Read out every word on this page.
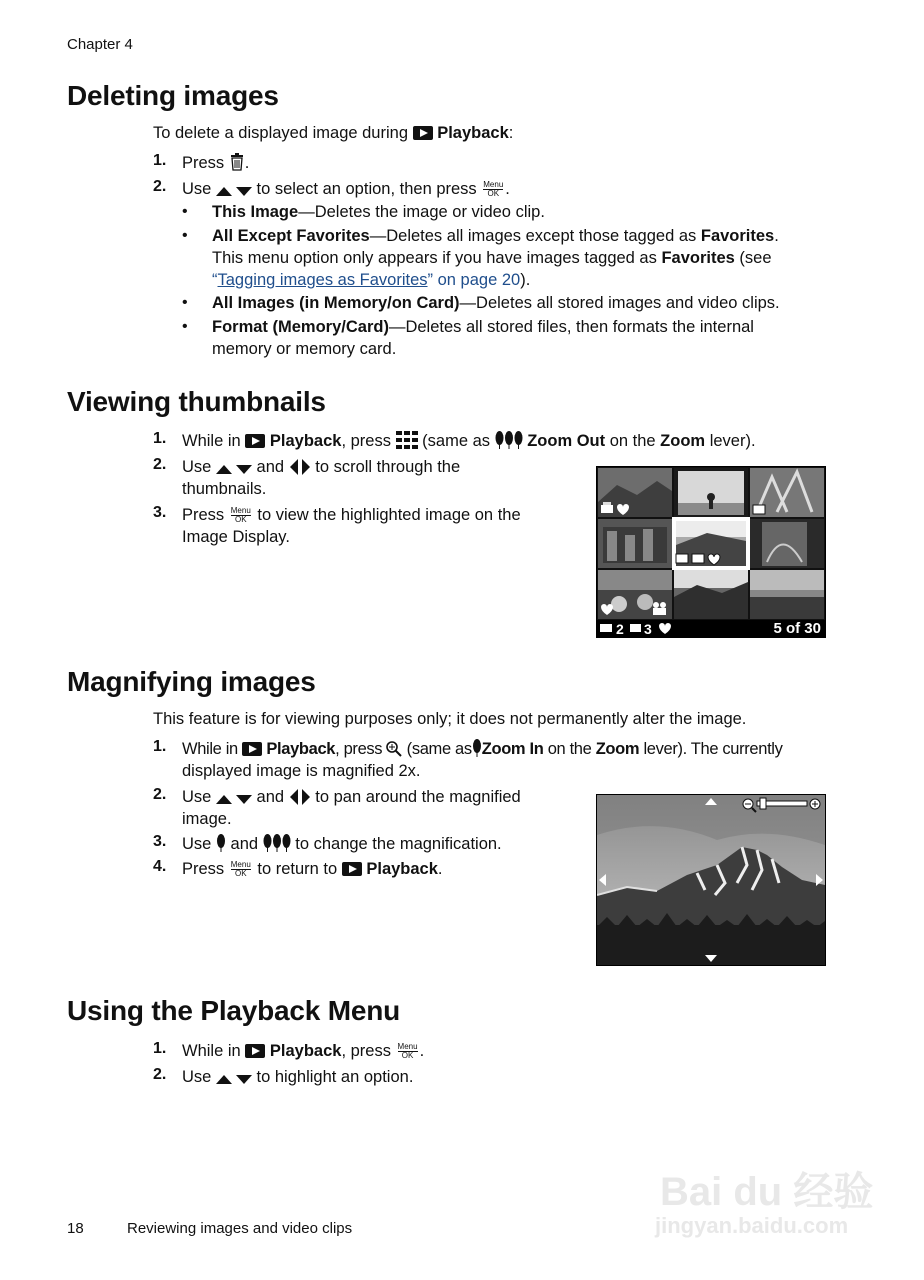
Chapter 4
Deleting images
To delete a displayed image during Playback:
1. Press .
2. Use	to select an option, then press Menu
OK .
• This Image—Deletes the image or video clip.
• All Except Favorites—Deletes all images except those tagged as Favorites.
This menu option only appears if you have images tagged as Favorites (see
“Tagging images as Favorites” on page 20).
• All Images (in Memory/on Card)—Deletes all stored images and video clips.
• Format (Memory/Card)—Deletes all stored files, then formats the internal
memory or memory card.
Viewing thumbnails
1. While in Playback, press (same as Zoom Out on the Zoom lever).
2. Use	and to scroll through the
thumbnails.
3. Press Menu
OK to view the highlighted image on the
Image Display.
2 3	5 of 30
Magnifying images
This feature is for viewing purposes only; it does not permanently alter the image.
1. While in Playback, press (same as Zoom In on the Zoom lever). The currently
displayed image is magnified 2x.
2. Use	and to pan around the magnified
image.
3. Use and to change the magnification.
4. Press Menu
OK to return to Playback.
Using the Playback Menu
1. While in Playback, press Menu
OK .
2. Use	to highlight an option.
Bai du 经验
jingyan.baidu.com
18	Reviewing images and video clips
